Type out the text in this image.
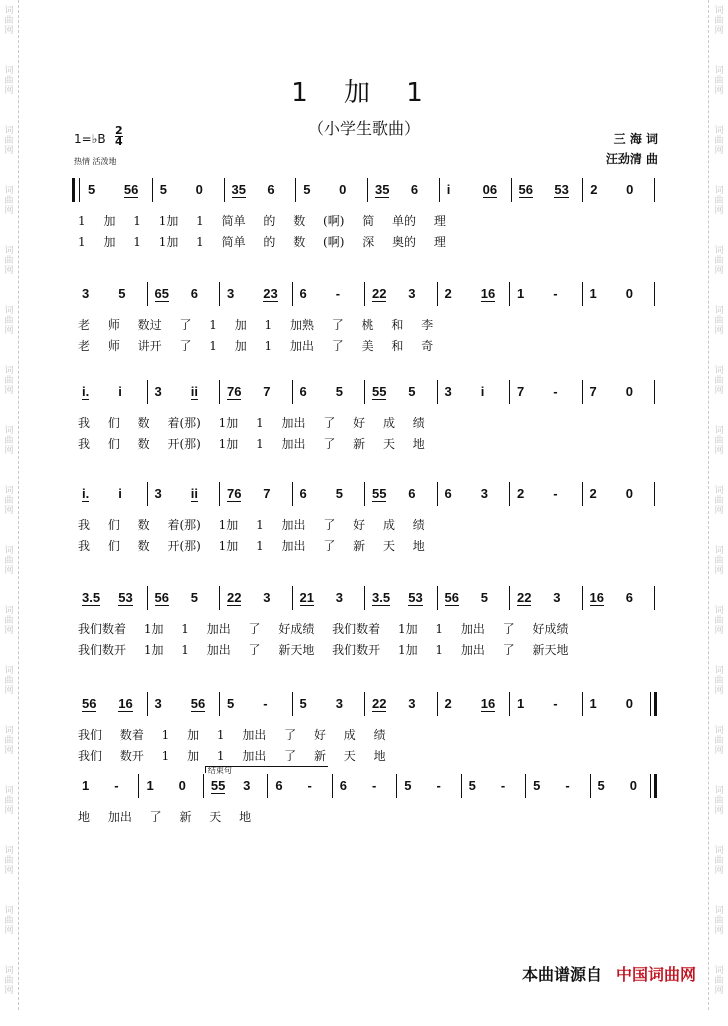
词
曲
网
词
曲
网
词
曲
网
词
曲
网
词
曲
网
词
曲
网
词
曲
网
词
曲
网
词
曲
网
词
曲
网
词
曲
网
词
曲
网
词
曲
网
词
曲
网
词
曲
网
词
曲
网
词
曲
网
词
曲
网
词
曲
网
词
曲
网
词
曲
网
词
曲
网
词
曲
网
词
曲
网
词
曲
网
词
曲
网
词
曲
网
词
曲
网
词
曲
网
词
曲
网
词
曲
网
词
曲
网
词
曲
网
词
曲
网
1 加 1
（小学生歌曲）
三 海 词
汪劲清 曲
1=♭B
2
4
热情 活泼地
5 56 5 0 35 6 5 0 35 6 i 06 56 53 2 0
1 加 1 1加 1 简单 的 数 (啊) 简 单的 理
1 加 1 1加 1 简单 的 数 (啊) 深 奥的 理
3 5 65 6 3 23 6 - 22 3 2 16 1 - 1 0
老 师 数过 了 1 加 1 加熟 了 桃 和 李
老 师 讲开 了 1 加 1 加出 了 美 和 奇
i. i	3 ii 76 7 6 5 55 5 3 i	7 - 7 0
我 们 数 着(那) 1加 1 加出 了 好 成 绩
我 们 数 开(那) 1加 1 加出 了 新 天 地
i. i	3 ii 76 7 6 5 55 6 6 3 2 - 2 0
我 们 数 着(那) 1加 1 加出 了 好 成 绩
我 们 数 开(那) 1加 1 加出 了 新 天 地
3.5 53 56 5 22 3 21 3 3.5 53 56 5 22 3 16 6
我们数着 1加 1 加出 了 好成绩 我们数着 1加 1 加出 了 好成绩
我们数开 1加 1 加出 了 新天地 我们数开 1加 1 加出 了 新天地
56 16 3 56 5 - 5 3 22 3 2 16 1 - 1 0
我们 数着 1 加 1 加出 了 好 成 绩
我们 数开 1 加 1 加出 了 新 天 地
1 - 1 0 55 3 6 - 6 - 5 - 5 - 5 - 5 0
结束句
地 加出 了 新 天 地
本曲谱源自 中国词曲网
